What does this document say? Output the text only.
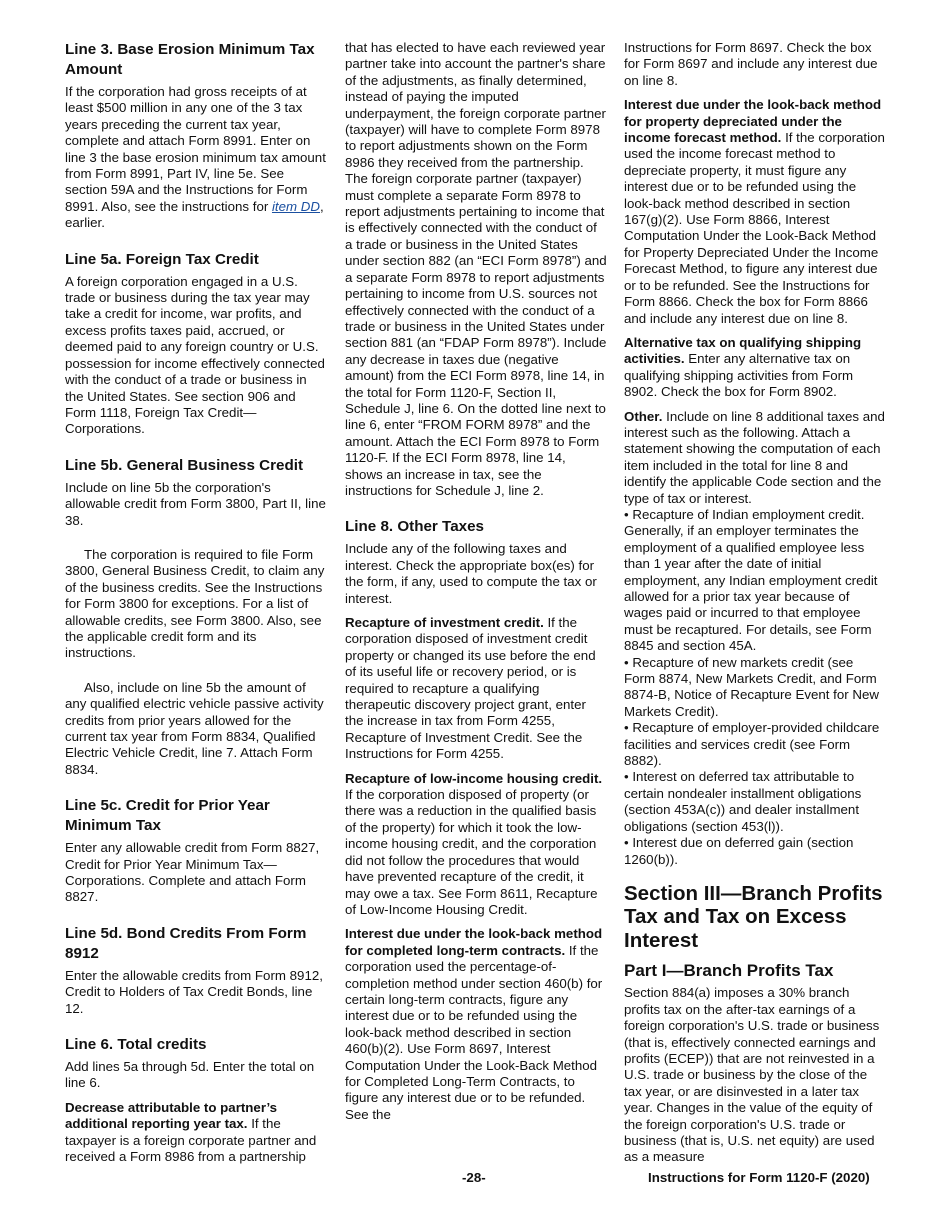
Line 3. Base Erosion Minimum Tax Amount

If the corporation had gross receipts of at least $500 million in any one of the 3 tax years preceding the current tax year, complete and attach Form 8991. Enter on line 3 the base erosion minimum tax amount from Form 8991, Part IV, line 5e. See section 59A and the Instructions for Form 8991. Also, see the instructions for item DD, earlier.

Line 5a. Foreign Tax Credit

A foreign corporation engaged in a U.S. trade or business during the tax year may take a credit for income, war profits, and excess profits taxes paid, accrued, or deemed paid to any foreign country or U.S. possession for income effectively connected with the conduct of a trade or business in the United States. See section 906 and Form 1118, Foreign Tax Credit—Corporations.

Line 5b. General Business Credit

Include on line 5b the corporation's allowable credit from Form 3800, Part II, line 38.

The corporation is required to file Form 3800, General Business Credit, to claim any of the business credits. See the Instructions for Form 3800 for exceptions. For a list of allowable credits, see Form 3800. Also, see the applicable credit form and its instructions.

Also, include on line 5b the amount of any qualified electric vehicle passive activity credits from prior years allowed for the current tax year from Form 8834, Qualified Electric Vehicle Credit, line 7. Attach Form 8834.

Line 5c. Credit for Prior Year Minimum Tax

Enter any allowable credit from Form 8827, Credit for Prior Year Minimum Tax—Corporations. Complete and attach Form 8827.

Line 5d. Bond Credits From Form 8912

Enter the allowable credits from Form 8912, Credit to Holders of Tax Credit Bonds, line 12.

Line 6. Total credits

Add lines 5a through 5d. Enter the total on line 6.

Decrease attributable to partner’s additional reporting year tax. If the taxpayer is a foreign corporate partner and received a Form 8986 from a partnership

that has elected to have each reviewed year partner take into account the partner's share of the adjustments, as finally determined, instead of paying the imputed underpayment, the foreign corporate partner (taxpayer) will have to complete Form 8978 to report adjustments shown on the Form 8986 they received from the partnership. The foreign corporate partner (taxpayer) must complete a separate Form 8978 to report adjustments pertaining to income that is effectively connected with the conduct of a trade or business in the United States under section 882 (an “ECI Form 8978”) and a separate Form 8978 to report adjustments pertaining to income from U.S. sources not effectively connected with the conduct of a trade or business in the United States under section 881 (an “FDAP Form 8978”). Include any decrease in taxes due (negative amount) from the ECI Form 8978, line 14, in the total for Form 1120-F, Section II, Schedule J, line 6. On the dotted line next to line 6, enter “FROM FORM 8978” and the amount. Attach the ECI Form 8978 to Form 1120-F. If the ECI Form 8978, line 14, shows an increase in tax, see the instructions for Schedule J, line 2.

Line 8. Other Taxes

Include any of the following taxes and interest. Check the appropriate box(es) for the form, if any, used to compute the tax or interest.

Recapture of investment credit. If the corporation disposed of investment credit property or changed its use before the end of its useful life or recovery period, or is required to recapture a qualifying therapeutic discovery project grant, enter the increase in tax from Form 4255, Recapture of Investment Credit. See the Instructions for Form 4255.

Recapture of low-income housing credit. If the corporation disposed of property (or there was a reduction in the qualified basis of the property) for which it took the low-income housing credit, and the corporation did not follow the procedures that would have prevented recapture of the credit, it may owe a tax. See Form 8611, Recapture of Low-Income Housing Credit.

Interest due under the look-back method for completed long-term contracts. If the corporation used the percentage-of-completion method under section 460(b) for certain long-term contracts, figure any interest due or to be refunded using the look-back method described in section 460(b)(2). Use Form 8697, Interest Computation Under the Look-Back Method for Completed Long-Term Contracts, to figure any interest due or to be refunded. See the

Instructions for Form 8697. Check the box for Form 8697 and include any interest due on line 8.

Interest due under the look-back method for property depreciated under the income forecast method. If the corporation used the income forecast method to depreciate property, it must figure any interest due or to be refunded using the look-back method described in section 167(g)(2). Use Form 8866, Interest Computation Under the Look-Back Method for Property Depreciated Under the Income Forecast Method, to figure any interest due or to be refunded. See the Instructions for Form 8866. Check the box for Form 8866 and include any interest due on line 8.

Alternative tax on qualifying shipping activities. Enter any alternative tax on qualifying shipping activities from Form 8902. Check the box for Form 8902.

Other. Include on line 8 additional taxes and interest such as the following. Attach a statement showing the computation of each item included in the total for line 8 and identify the applicable Code section and the type of tax or interest.

• Recapture of Indian employment credit. Generally, if an employer terminates the employment of a qualified employee less than 1 year after the date of initial employment, any Indian employment credit allowed for a prior tax year because of wages paid or incurred to that employee must be recaptured. For details, see Form 8845 and section 45A.

• Recapture of new markets credit (see Form 8874, New Markets Credit, and Form 8874-B, Notice of Recapture Event for New Markets Credit).

• Recapture of employer-provided childcare facilities and services credit (see Form 8882).

• Interest on deferred tax attributable to certain nondealer installment obligations (section 453A(c)) and dealer installment obligations (section 453(l)).

• Interest due on deferred gain (section 1260(b)).

Section III—Branch Profits Tax and Tax on Excess Interest
Part I—Branch Profits Tax

Section 884(a) imposes a 30% branch profits tax on the after-tax earnings of a foreign corporation's U.S. trade or business (that is, effectively connected earnings and profits (ECEP)) that are not reinvested in a U.S. trade or business by the close of the tax year, or are disinvested in a later tax year. Changes in the value of the equity of the foreign corporation's U.S. trade or business (that is, U.S. net equity) are used as a measure

-28-	Instructions for Form 1120-F (2020)
